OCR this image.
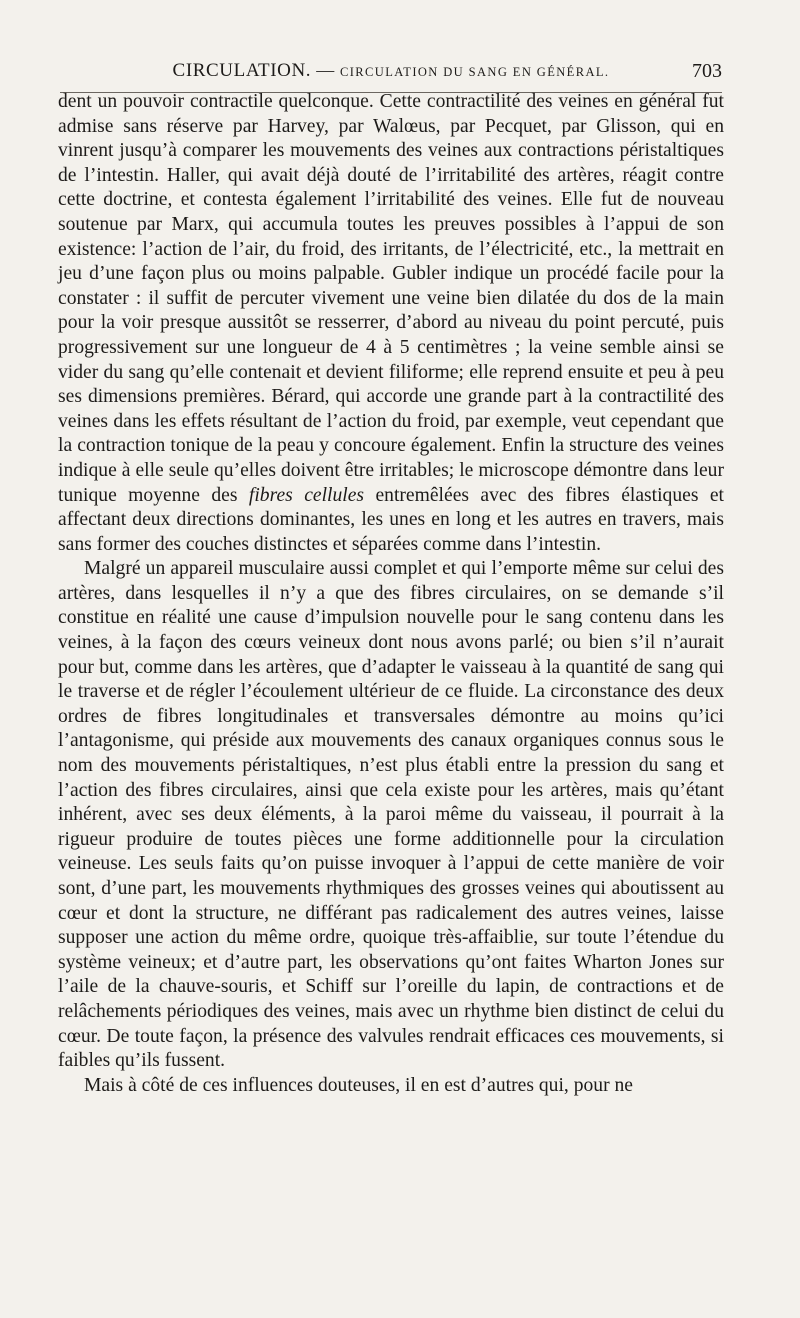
CIRCULATION. — CIRCULATION DU SANG EN GÉNÉRAL.	703

dent un pouvoir contractile quelconque. Cette contractilité des veines en général fut admise sans réserve par Harvey, par Walœus, par Pecquet, par Glisson, qui en vinrent jusqu’à comparer les mouvements des veines aux contractions péristaltiques de l’intestin. Haller, qui avait déjà douté de l’irritabilité des artères, réagit contre cette doctrine, et contesta également l’irritabilité des veines. Elle fut de nouveau soutenue par Marx, qui accumula toutes les preuves possibles à l’appui de son existence: l’action de l’air, du froid, des irritants, de l’électricité, etc., la mettrait en jeu d’une façon plus ou moins palpable. Gubler indique un procédé facile pour la constater : il suffit de percuter vivement une veine bien dilatée du dos de la main pour la voir presque aussitôt se resserrer, d’abord au niveau du point percuté, puis progressivement sur une longueur de 4 à 5 centimètres ; la veine semble ainsi se vider du sang qu’elle contenait et devient filiforme; elle reprend ensuite et peu à peu ses dimensions premières. Bérard, qui accorde une grande part à la contractilité des veines dans les effets résultant de l’action du froid, par exemple, veut cependant que la contraction tonique de la peau y concoure également. Enfin la structure des veines indique à elle seule qu’elles doivent être irritables; le microscope démontre dans leur tunique moyenne des fibres cellules entremêlées avec des fibres élastiques et affectant deux directions dominantes, les unes en long et les autres en travers, mais sans former des couches distinctes et séparées comme dans l’intestin.

Malgré un appareil musculaire aussi complet et qui l’emporte même sur celui des artères, dans lesquelles il n’y a que des fibres circulaires, on se demande s’il constitue en réalité une cause d’impulsion nouvelle pour le sang contenu dans les veines, à la façon des cœurs veineux dont nous avons parlé; ou bien s’il n’aurait pour but, comme dans les artères, que d’adapter le vaisseau à la quantité de sang qui le traverse et de régler l’écoulement ultérieur de ce fluide. La circonstance des deux ordres de fibres longitudinales et transversales démontre au moins qu’ici l’antagonisme, qui préside aux mouvements des canaux organiques connus sous le nom des mouvements péristaltiques, n’est plus établi entre la pression du sang et l’action des fibres circulaires, ainsi que cela existe pour les artères, mais qu’étant inhérent, avec ses deux éléments, à la paroi même du vaisseau, il pourrait à la rigueur produire de toutes pièces une forme additionnelle pour la circulation veineuse. Les seuls faits qu’on puisse invoquer à l’appui de cette manière de voir sont, d’une part, les mouvements rhythmiques des grosses veines qui aboutissent au cœur et dont la structure, ne différant pas radicalement des autres veines, laisse supposer une action du même ordre, quoique très-affaiblie, sur toute l’étendue du système veineux; et d’autre part, les observations qu’ont faites Wharton Jones sur l’aile de la chauve-souris, et Schiff sur l’oreille du lapin, de contractions et de relâchements périodiques des veines, mais avec un rhythme bien distinct de celui du cœur. De toute façon, la présence des valvules rendrait efficaces ces mouvements, si faibles qu’ils fussent.

Mais à côté de ces influences douteuses, il en est d’autres qui, pour ne
